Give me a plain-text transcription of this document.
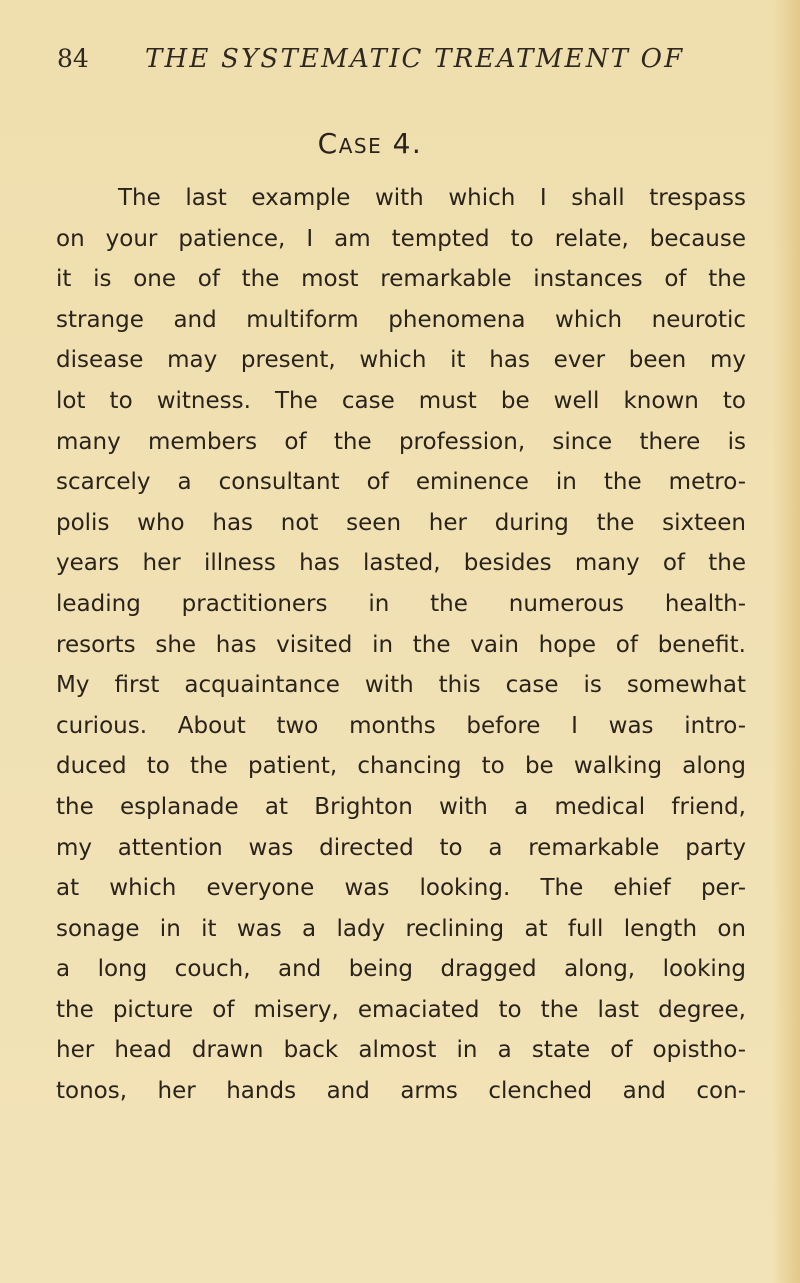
84 THE SYSTEMATIC TREATMENT OF
Case 4.
The last example with which I shall trespass
on your patience, I am tempted to relate, because
it is one of the most remarkable instances of the
strange and multiform phenomena which neurotic
disease may present, which it has ever been my
lot to witness. The case must be well known to
many members of the profession, since there is
scarcely a consultant of eminence in the metro-
polis who has not seen her during the sixteen
years her illness has lasted, besides many of the
leading practitioners in the numerous health-
resorts she has visited in the vain hope of benefit.
My first acquaintance with this case is somewhat
curious. About two months before I was intro-
duced to the patient, chancing to be walking along
the esplanade at Brighton with a medical friend,
my attention was directed to a remarkable party
at which everyone was looking. The ehief per-
sonage in it was a lady reclining at full length on
a long couch, and being dragged along, looking
the picture of misery, emaciated to the last degree,
her head drawn back almost in a state of opistho-
tonos, her hands and arms clenched and con-
